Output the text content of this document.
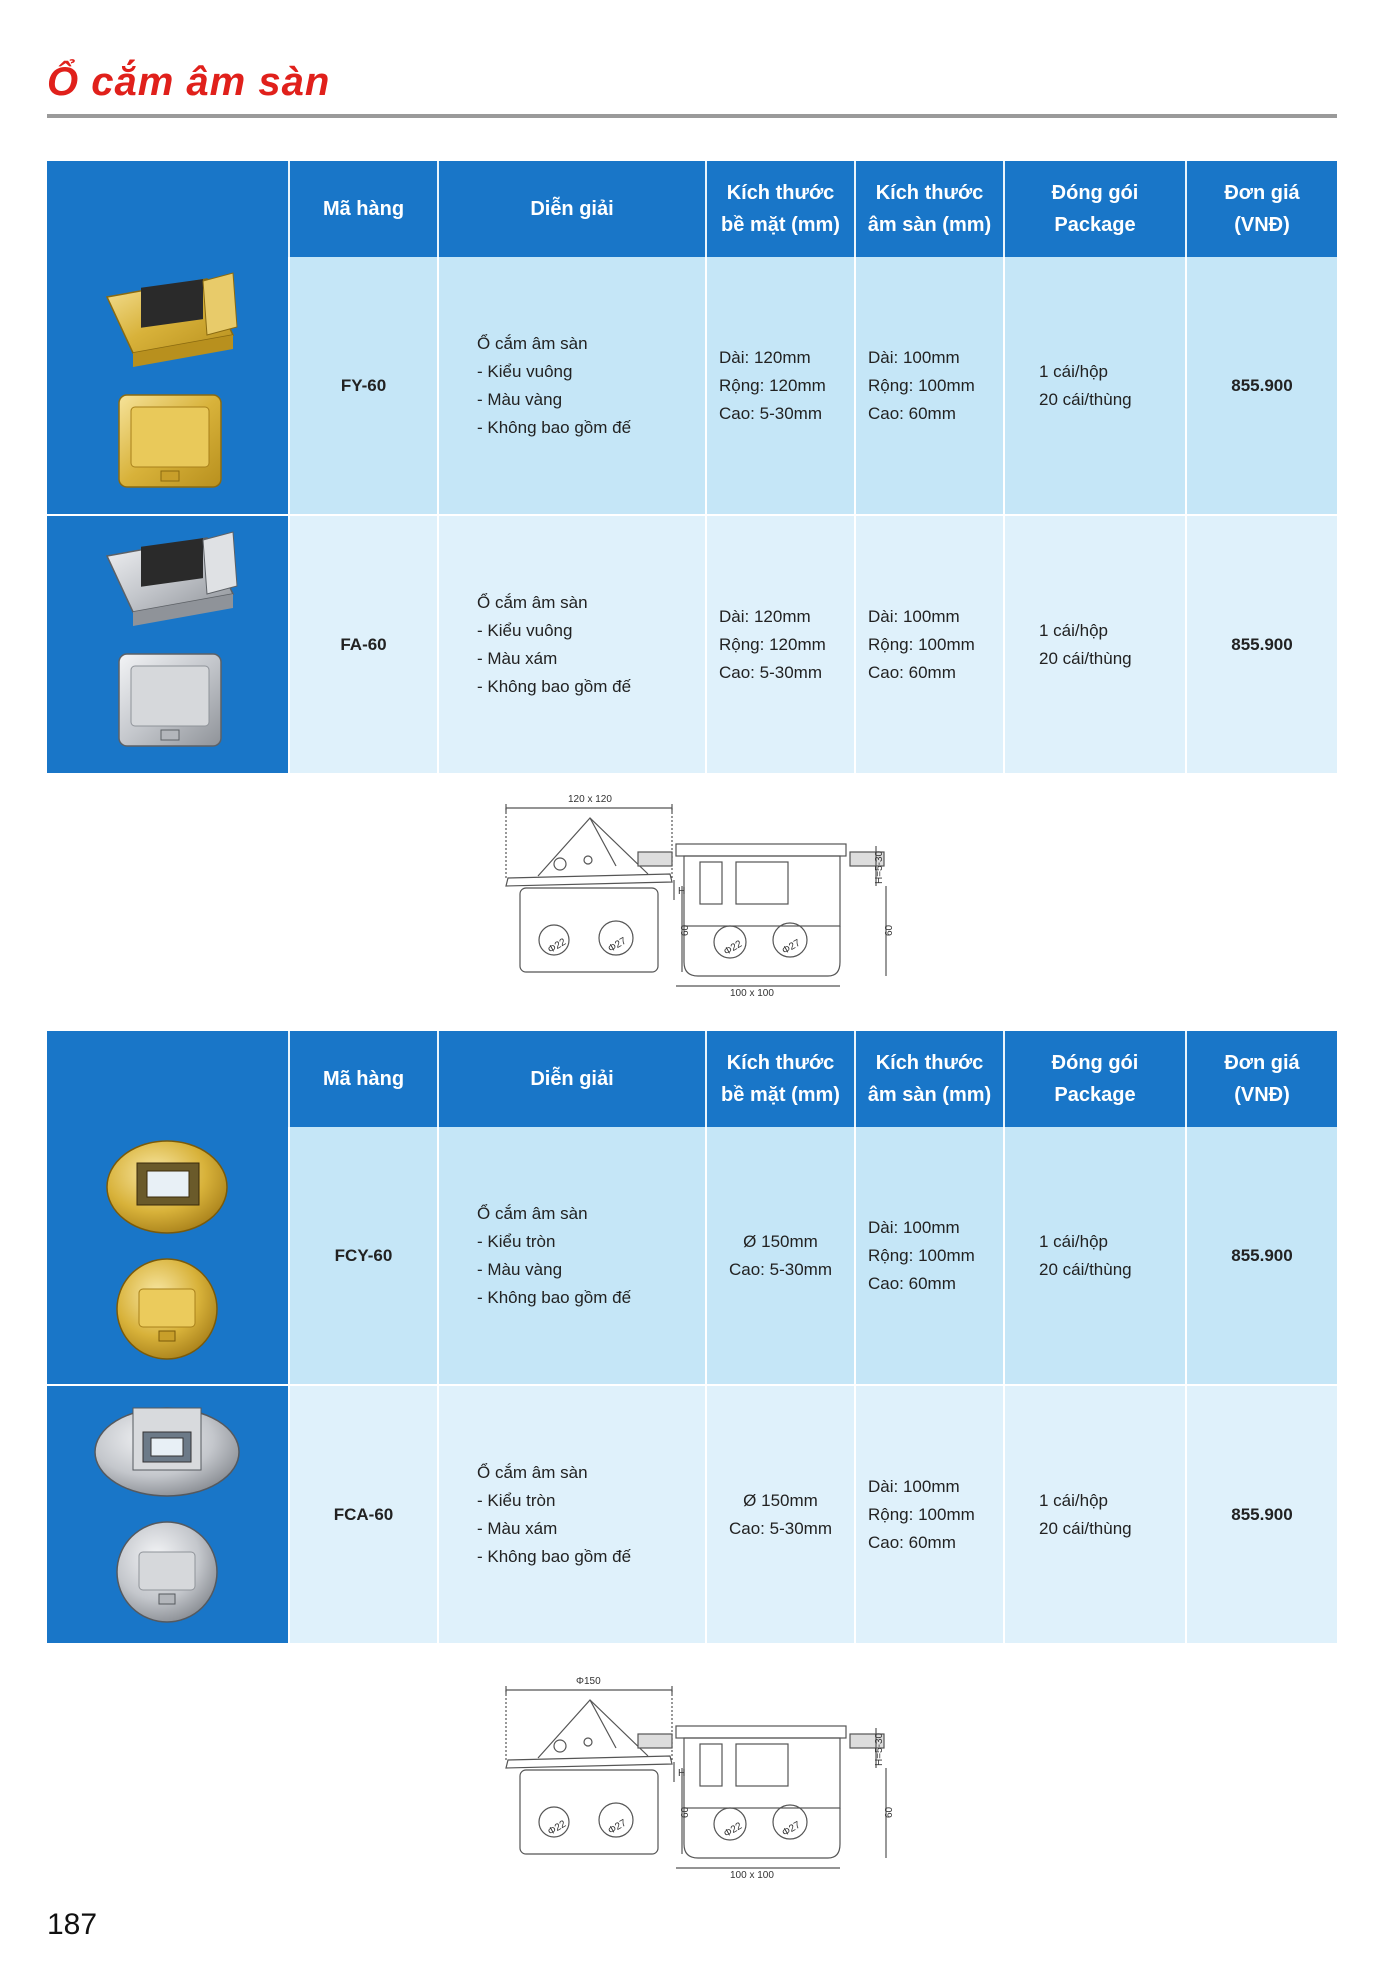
Ổ cắm âm sàn
	Mã hàng	Diễn giải	Kích thước
bề mặt (mm)	Kích thước
âm sàn (mm)	Đóng gói
Package	Đơn giá
(VNĐ)

	FY-60	Ổ cắm âm sàn
- Kiểu vuông
- Màu vàng
- Không bao gồm đế	Dài: 120mm
Rộng: 120mm
Cao: 5-30mm	Dài: 100mm
Rộng: 100mm
Cao: 60mm	1 cái/hộp
20 cái/thùng	855.900

	FA-60	Ổ cắm âm sàn
- Kiểu vuông
- Màu xám
- Không bao gồm đế	Dài: 120mm
Rộng: 120mm
Cao: 5-30mm	Dài: 100mm
Rộng: 100mm
Cao: 60mm	1 cái/hộp
20 cái/thùng	855.900
120 x 120
100 x 100
H
60	60
H=5-30
Φ22	Φ27	Φ22	Φ27
	Mã hàng	Diễn giải	Kích thước
bề mặt (mm)	Kích thước
âm sàn (mm)	Đóng gói
Package	Đơn giá
(VNĐ)

	FCY-60	Ổ cắm âm sàn
- Kiểu tròn
- Màu vàng
- Không bao gồm đế	Ø 150mm
Cao: 5-30mm	Dài: 100mm
Rộng: 100mm
Cao: 60mm	1 cái/hộp
20 cái/thùng	855.900

	FCA-60	Ổ cắm âm sàn
- Kiểu tròn
- Màu xám
- Không bao gồm đế	Ø 150mm
Cao: 5-30mm	Dài: 100mm
Rộng: 100mm
Cao: 60mm	1 cái/hộp
20 cái/thùng	855.900
Φ150
100 x 100
H
60	60
H=5-30
Φ22	Φ27	Φ22	Φ27
187
